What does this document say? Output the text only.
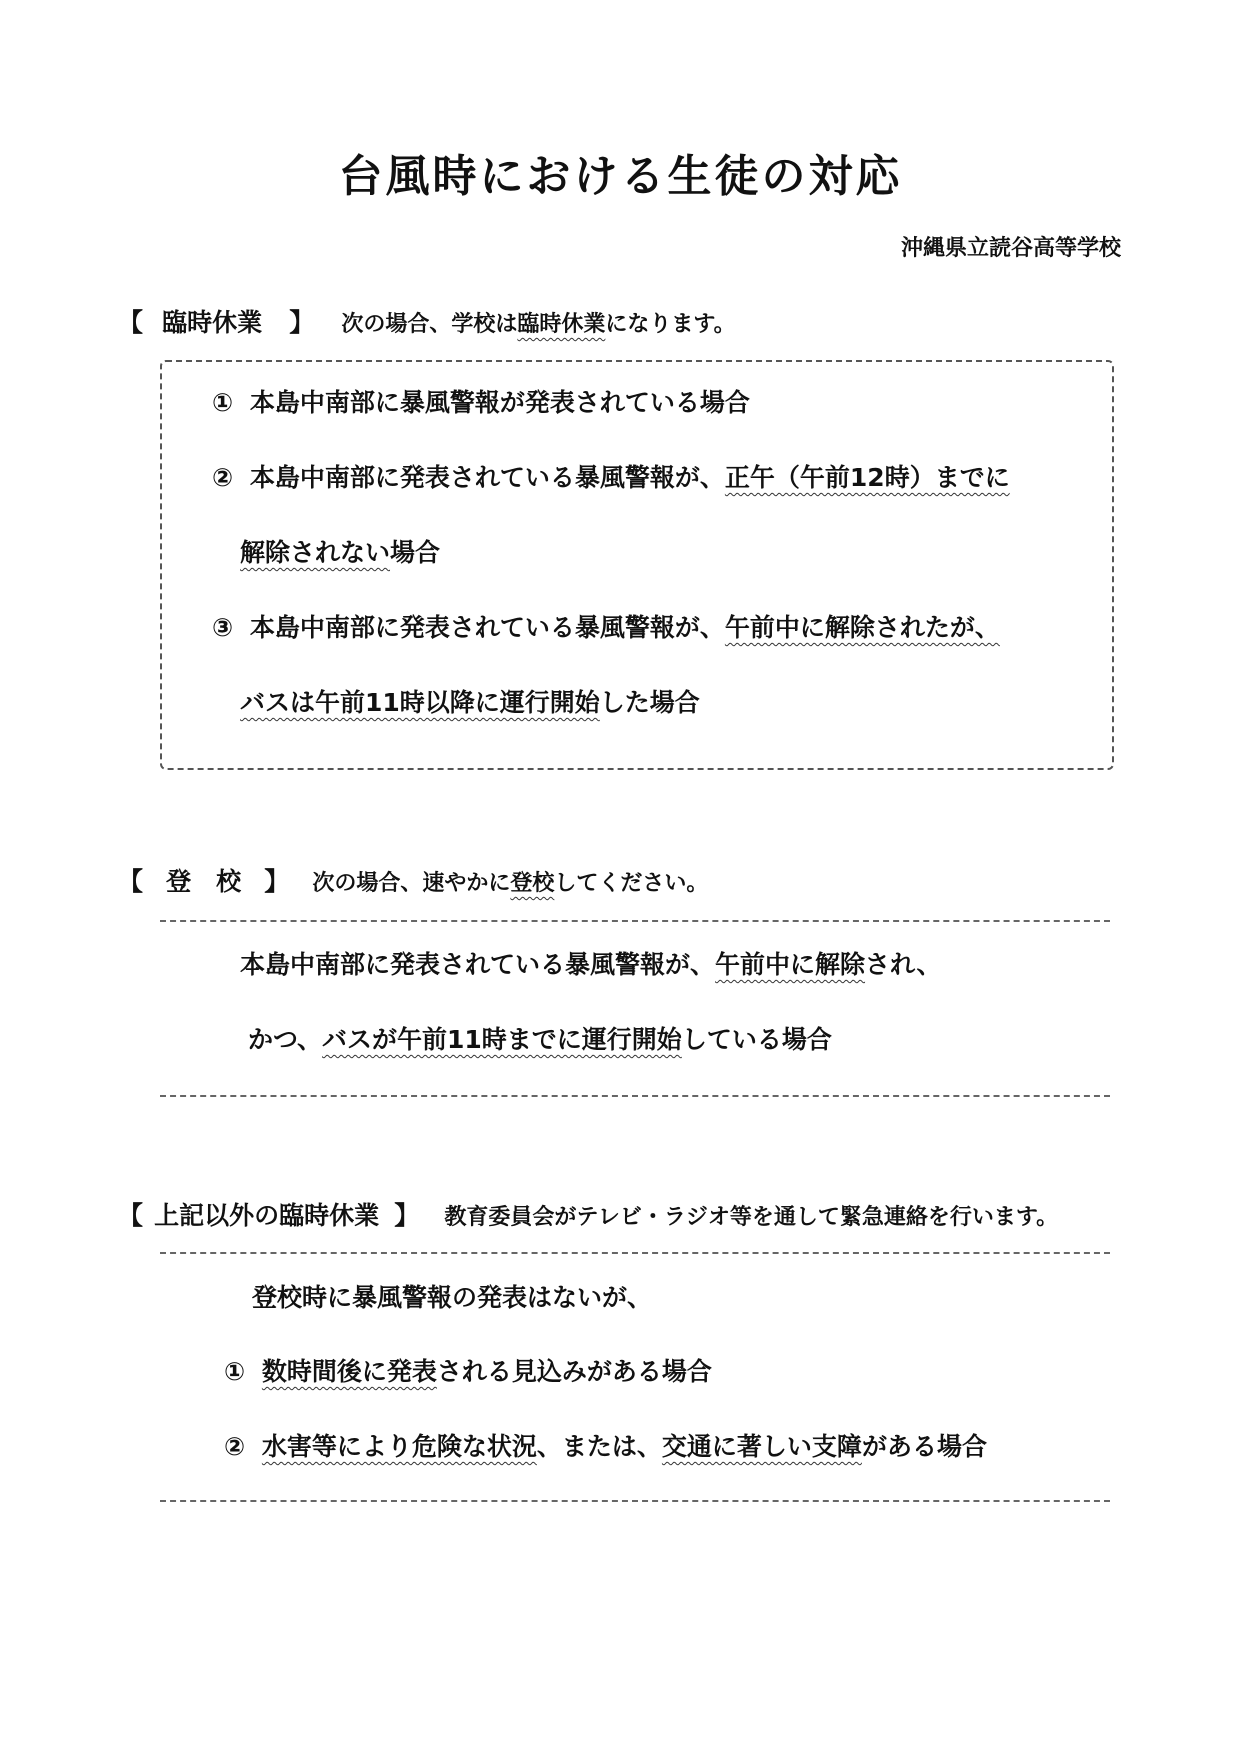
台風時における生徒の対応
沖縄県立読谷高等学校
【 臨時休業 】 次の場合、学校は臨時休業になります。
① 本島中南部に暴風警報が発表されている場合
② 本島中南部に発表されている暴風警報が、正午（午前12時）までに
解除されない場合
③ 本島中南部に発表されている暴風警報が、午前中に解除されたが、
バスは午前11時以降に運行開始した場合
【 登　校 】 次の場合、速やかに登校してください。
本島中南部に発表されている暴風警報が、午前中に解除され、
かつ、バスが午前11時までに運行開始している場合
【 上記以外の臨時休業 】 教育委員会がテレビ・ラジオ等を通して緊急連絡を行います。
登校時に暴風警報の発表はないが、
① 数時間後に発表される見込みがある場合
② 水害等により危険な状況、または、交通に著しい支障がある場合
